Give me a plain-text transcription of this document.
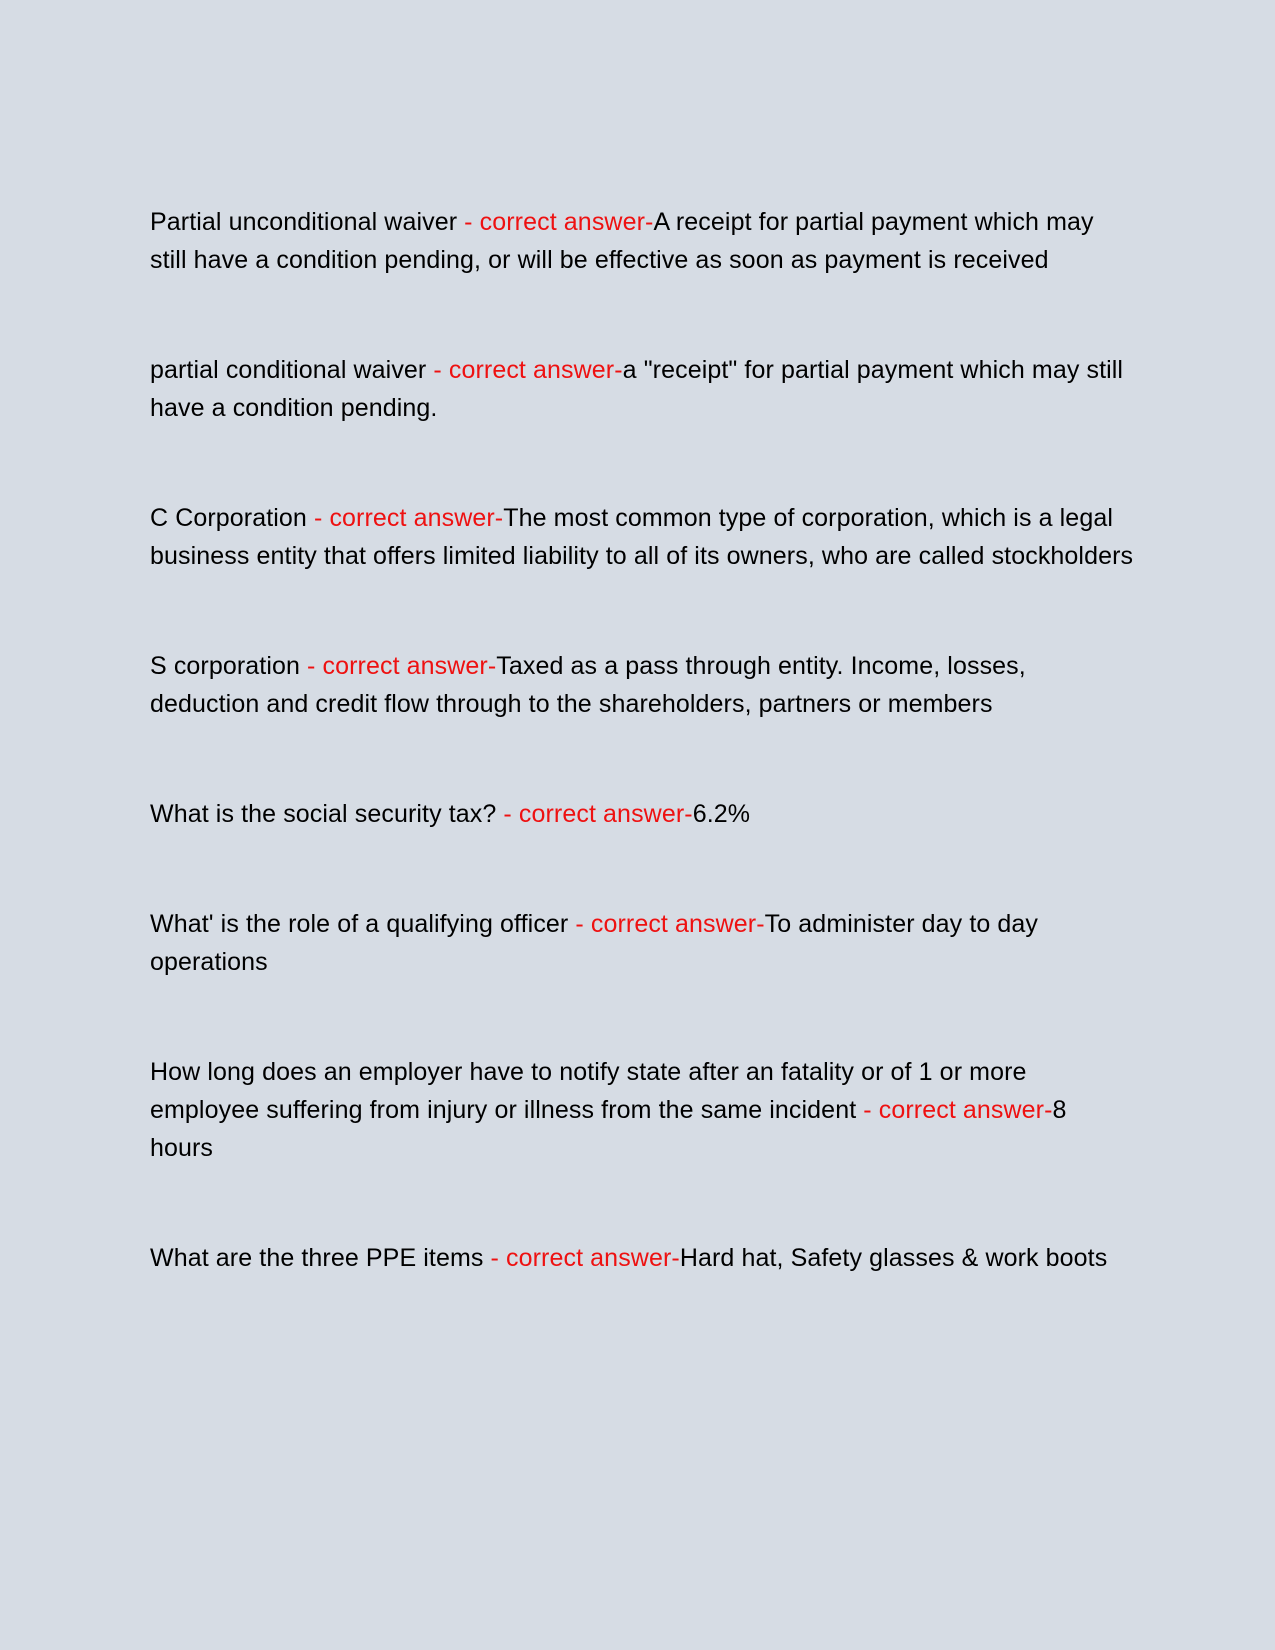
Partial unconditional waiver - correct answer-A receipt for partial payment which may still have a condition pending, or will be effective as soon as payment is received

partial conditional waiver - correct answer-a "receipt" for partial payment which may still have a condition pending.

C Corporation - correct answer-The most common type of corporation, which is a legal business entity that offers limited liability to all of its owners, who are called stockholders

S corporation - correct answer-Taxed as a pass through entity. Income, losses, deduction and credit flow through to the shareholders, partners or members

What is the social security tax? - correct answer-6.2%

What' is the role of a qualifying officer - correct answer-To administer day to day operations

How long does an employer have to notify state after an fatality or of 1 or more employee suffering from injury or illness from the same incident - correct answer-8 hours

What are the three PPE items - correct answer-Hard hat, Safety glasses & work boots
